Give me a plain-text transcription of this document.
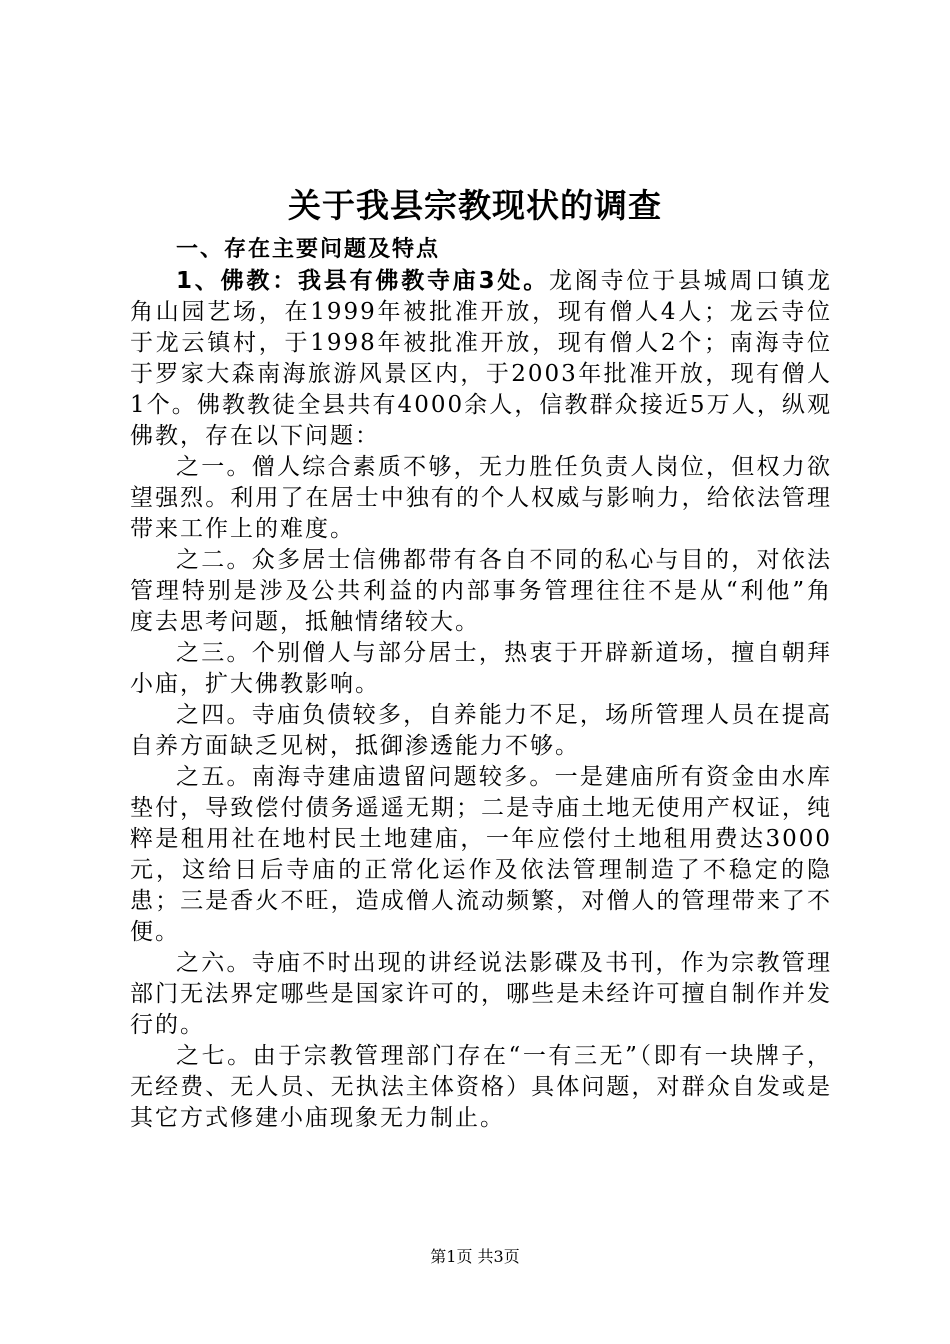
关于我县宗教现状的调查

一、存在主要问题及特点

1、佛教：我县有佛教寺庙3处。龙阁寺位于县城周口镇龙角山园艺场，在1999年被批准开放，现有僧人4人；龙云寺位于龙云镇村，于1998年被批准开放，现有僧人2个；南海寺位于罗家大森南海旅游风景区内，于2003年批准开放，现有僧人1个。佛教教徒全县共有4000余人，信教群众接近5万人，纵观佛教，存在以下问题：

之一。僧人综合素质不够，无力胜任负责人岗位，但权力欲望强烈。利用了在居士中独有的个人权威与影响力，给依法管理带来工作上的难度。

之二。众多居士信佛都带有各自不同的私心与目的，对依法管理特别是涉及公共利益的内部事务管理往往不是从“利他”角度去思考问题，抵触情绪较大。

之三。个别僧人与部分居士，热衷于开辟新道场，擅自朝拜小庙，扩大佛教影响。

之四。寺庙负债较多，自养能力不足，场所管理人员在提高自养方面缺乏见树，抵御渗透能力不够。

之五。南海寺建庙遗留问题较多。一是建庙所有资金由水库垫付，导致偿付债务遥遥无期；二是寺庙土地无使用产权证，纯粹是租用社在地村民土地建庙，一年应偿付土地租用费达3000元，这给日后寺庙的正常化运作及依法管理制造了不稳定的隐患；三是香火不旺，造成僧人流动频繁，对僧人的管理带来了不便。

之六。寺庙不时出现的讲经说法影碟及书刊，作为宗教管理部门无法界定哪些是国家许可的，哪些是未经许可擅自制作并发行的。

之七。由于宗教管理部门存在“一有三无”（即有一块牌子，无经费、无人员、无执法主体资格）具体问题，对群众自发或是其它方式修建小庙现象无力制止。

第1页 共3页
